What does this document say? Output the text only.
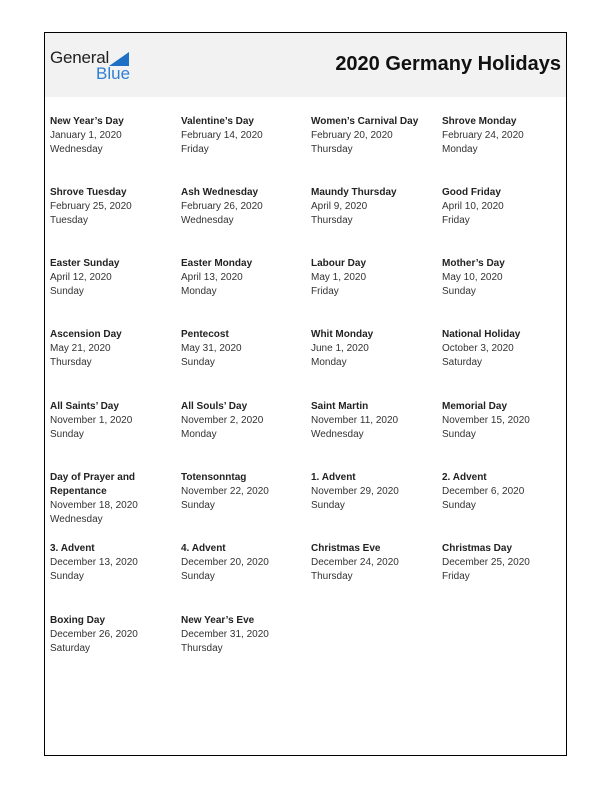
General
Blue	2020 Germany Holidays
New Year’s Day
January 1, 2020
Wednesday
Valentine’s Day
February 14, 2020
Friday
Women’s Carnival Day
February 20, 2020
Thursday
Shrove Monday
February 24, 2020
Monday
Shrove Tuesday
February 25, 2020
Tuesday
Ash Wednesday
February 26, 2020
Wednesday
Maundy Thursday
April 9, 2020
Thursday
Good Friday
April 10, 2020
Friday
Easter Sunday
April 12, 2020
Sunday
Easter Monday
April 13, 2020
Monday
Labour Day
May 1, 2020
Friday
Mother’s Day
May 10, 2020
Sunday
Ascension Day
May 21, 2020
Thursday
Pentecost
May 31, 2020
Sunday
Whit Monday
June 1, 2020
Monday
National Holiday
October 3, 2020
Saturday
All Saints’ Day
November 1, 2020
Sunday
All Souls’ Day
November 2, 2020
Monday
Saint Martin
November 11, 2020
Wednesday
Memorial Day
November 15, 2020
Sunday
Day of Prayer and Repentance
November 18, 2020
Wednesday
Totensonntag
November 22, 2020
Sunday
1. Advent
November 29, 2020
Sunday
2. Advent
December 6, 2020
Sunday
3. Advent
December 13, 2020
Sunday
4. Advent
December 20, 2020
Sunday
Christmas Eve
December 24, 2020
Thursday
Christmas Day
December 25, 2020
Friday
Boxing Day
December 26, 2020
Saturday
New Year’s Eve
December 31, 2020
Thursday
